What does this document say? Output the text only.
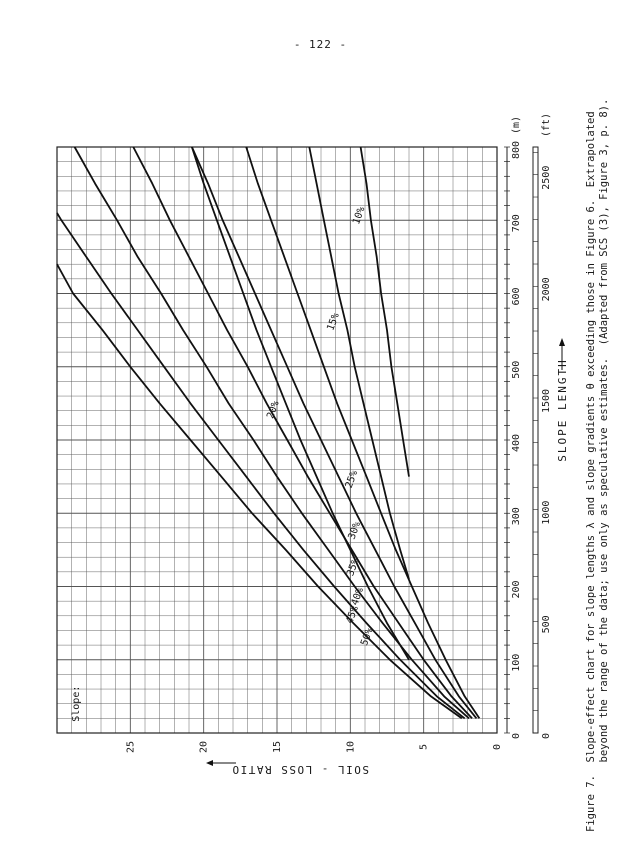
- 122 -
50%
45%
40%
35%
30%
25%
20%
15%
10%
Slope:
0
5
10
15
20
25
SOIL - LOSS RATIO
0
100
200
300
400
500
600
700
800
(m)
0
500
1000
1500
2000
2500
(ft)
SLOPE LENGTH Figure 7.  Slope-effect chart for slope lengths λ and slope gradients θ exceeding those in Figure 6.  Extrapolated beyond the range of the data; use only as speculative estimates.  (Adapted from SCS (3), Figure 3, p. 8).
